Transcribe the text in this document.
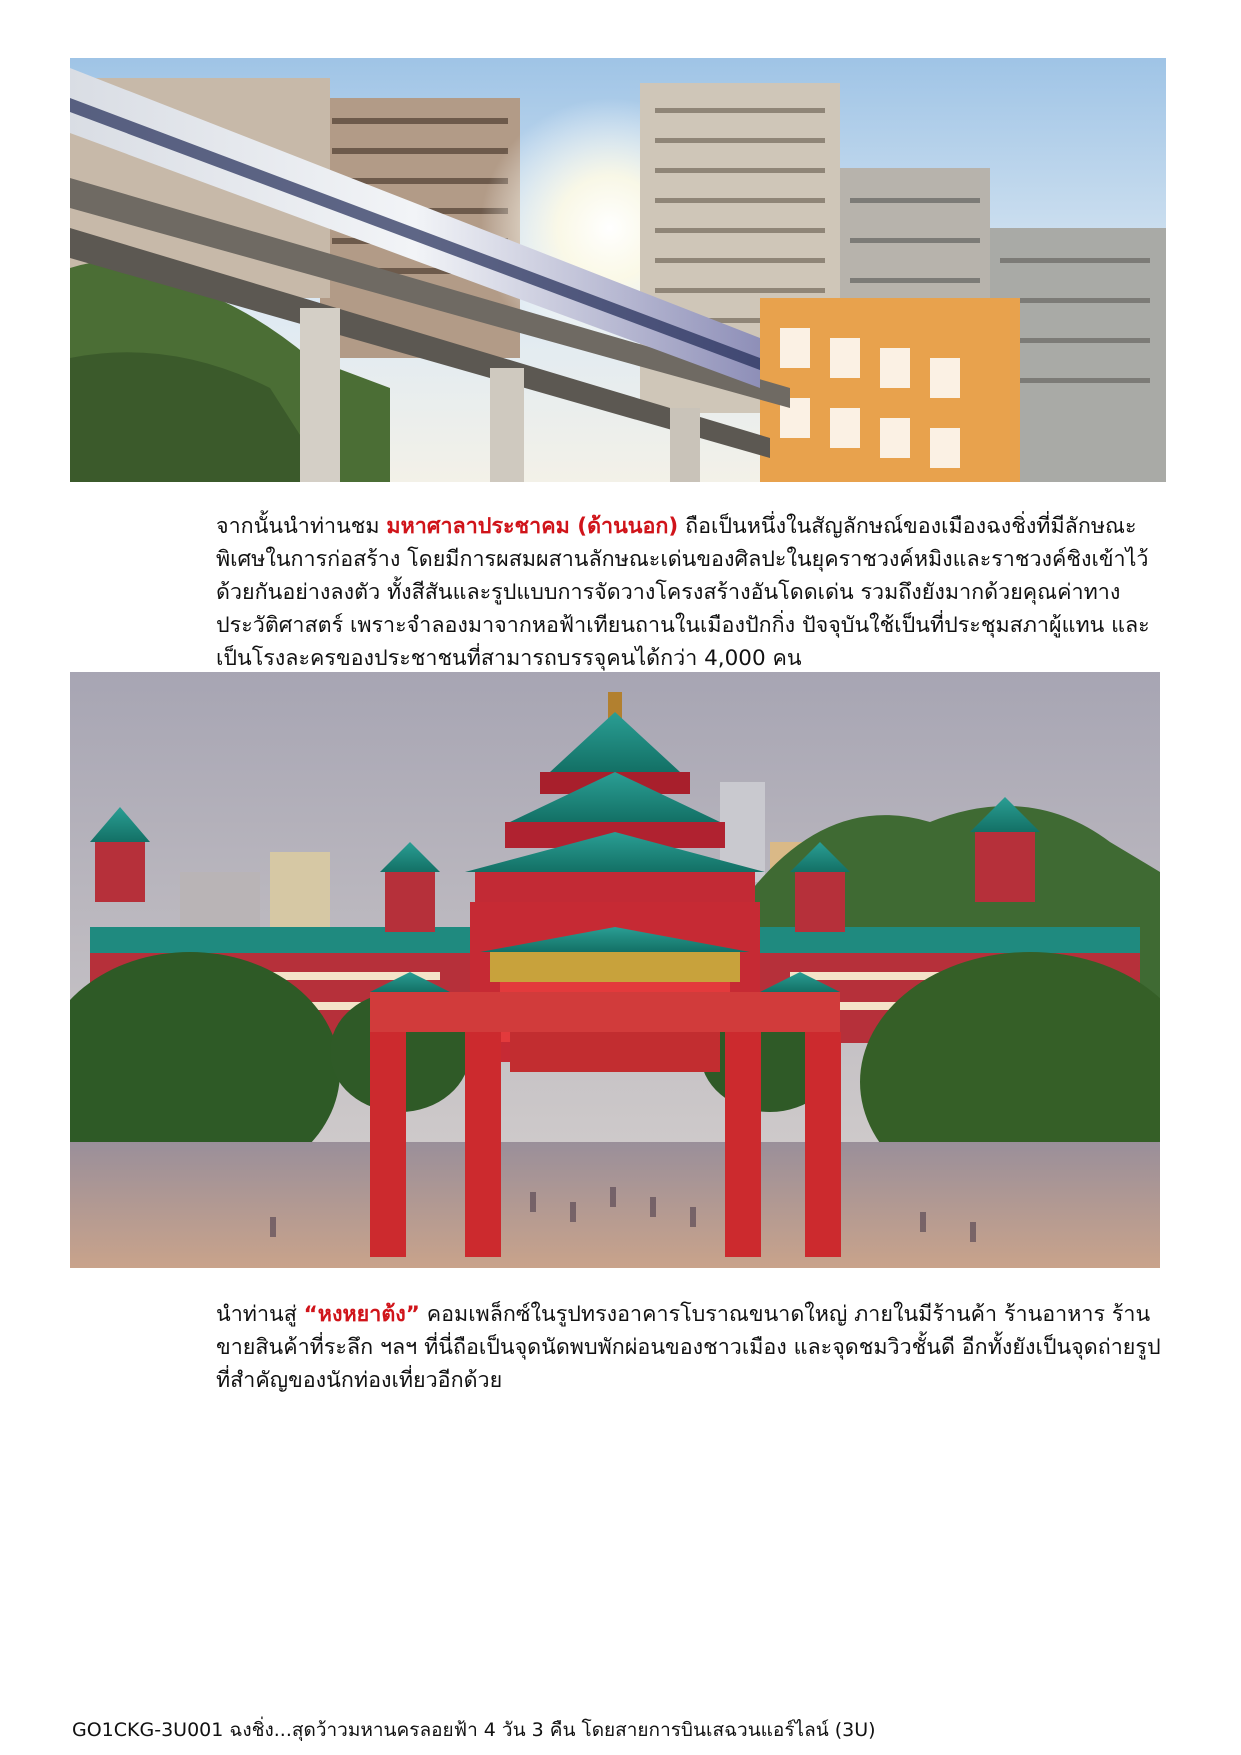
จากนั้นนำท่านชม มหาศาลาประชาคม (ด้านนอก) ถือเป็นหนึ่งในสัญลักษณ์ของเมืองฉงชิ่งที่มีลักษณะพิเศษในการก่อสร้าง โดยมีการผสมผสานลักษณะเด่นของศิลปะในยุคราชวงค์หมิงและราชวงค์ชิงเข้าไว้ด้วยกันอย่างลงตัว ทั้งสีสันและรูปแบบการจัดวางโครงสร้างอันโดดเด่น รวมถึงยังมากด้วยคุณค่าทางประวัติศาสตร์ เพราะจำลองมาจากหอฟ้าเทียนถานในเมืองปักกิ่ง ปัจจุบันใช้เป็นที่ประชุมสภาผู้แทน และเป็นโรงละครของประชาชนที่สามารถบรรจุคนได้กว่า 4,000 คน

นำท่านสู่ “หงหยาต้ง” คอมเพล็กซ์ในรูปทรงอาคารโบราณขนาดใหญ่ ภายในมีร้านค้า ร้านอาหาร ร้านขายสินค้าที่ระลึก ฯลฯ ที่นี่ถือเป็นจุดนัดพบพักผ่อนของชาวเมือง และจุดชมวิวชั้นดี อีกทั้งยังเป็นจุดถ่ายรูปที่สำคัญของนักท่องเที่ยวอีกด้วย

GO1CKG-3U001 ฉงชิ่ง...สุดว้าวมหานครลอยฟ้า 4 วัน 3 คืน โดยสายการบินเสฉวนแอร์ไลน์ (3U)
